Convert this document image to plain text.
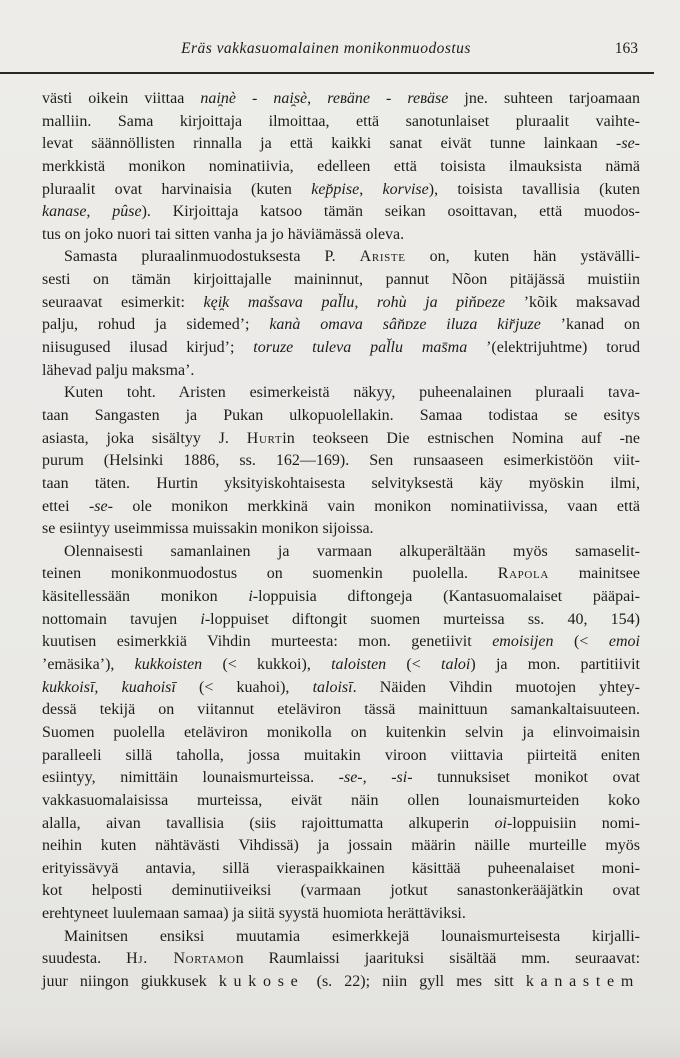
Eräs vakkasuomalainen monikonmuodostus	163
västi oikein viittaa nai̯nè - nai̯sè, reʙäne - reʙäse jne. suhteen tarjoamaan
malliin. Sama kirjoittaja ilmoittaa, että sanotunlaiset pluraalit vaihte-
levat säännöllisten rinnalla ja että kaikki sanat eivät tunne lainkaan -se-
merkkistä monikon nominatiivia, edelleen että toisista ilmauksista nämä
pluraalit ovat harvinaisia (kuten kep̆pise, korvise), toisista tavallisia (kuten
kanase, pûse). Kirjoittaja katsoo tämän seikan osoittavan, että muodos-
tus on joko nuori tai sitten vanha ja jo häviämässä oleva.
Samasta pluraalinmuodostuksesta P. Ariste on, kuten hän ystävälli-
sesti on tämän kirjoittajalle maininnut, pannut Nõon pitäjässä muistiin
seuraavat esimerkit: kęi̯k mašsava pal̆lu, rohù ja piňᴅeze ’kõik maksavad
palju, rohud ja sidemed’; kanà omava sân̆ᴅze iluza kir̆juze ’kanad on
niisugused ilusad kirjud’; toruze tuleva pal̆lu mas̄ma ’(elektrijuhtme) torud
lähevad palju maksma’.
Kuten toht. Aristen esimerkeistä näkyy, puheenalainen pluraali tava-
taan Sangasten ja Pukan ulkopuolellakin. Samaa todistaa se esitys
asiasta, joka sisältyy J. Hurtin teokseen Die estnischen Nomina auf -ne
purum (Helsinki 1886, ss. 162—169). Sen runsaaseen esimerkistöön viit-
taan täten. Hurtin yksityiskohtaisesta selvityksestä käy myöskin ilmi,
ettei -se- ole monikon merkkinä vain monikon nominatiivissa, vaan että
se esiintyy useimmissa muissakin monikon sijoissa.
Olennaisesti samanlainen ja varmaan alkuperältään myös samaselit-
teinen monikonmuodostus on suomenkin puolella. Rapola mainitsee
käsitellessään monikon i-loppuisia diftongeja (Kantasuomalaiset pääpai-
nottomain tavujen i-loppuiset diftongit suomen murteissa ss. 40, 154)
kuutisen esimerkkiä Vihdin murteesta: mon. genetiivit emoisijen (< emoi
’emäsika’), kukkoisten (< kukkoi), taloisten (< taloi) ja mon. partitiivit
kukkoisī, kuahoisī (< kuahoi), taloisī. Näiden Vihdin muotojen yhtey-
dessä tekijä on viitannut eteläviron tässä mainittuun samankaltaisuuteen.
Suomen puolella eteläviron monikolla on kuitenkin selvin ja elinvoimaisin
paralleeli sillä taholla, jossa muitakin viroon viittavia piirteitä eniten
esiintyy, nimittäin lounaismurteissa. -se-, -si- tunnuksiset monikot ovat
vakkasuomalaisissa murteissa, eivät näin ollen lounaismurteiden koko
alalla, aivan tavallisia (siis rajoittumatta alkuperin oi-loppuisiin nomi-
neihin kuten nähtävästi Vihdissä) ja jossain määrin näille murteille myös
erityissävyä antavia, sillä vieraspaikkainen käsittää puheenalaiset moni-
kot helposti deminutiiveiksi (varmaan jotkut sanastonkerääjätkin ovat
erehtyneet luulemaan samaa) ja siitä syystä huomiota herättäviksi.
Mainitsen ensiksi muutamia esimerkkejä lounaismurteisesta kirjalli-
suudesta. Hj. Nortamon Raumlaissi jaarituksi sisältää mm. seuraavat:
juur niingon giukkusek kukose (s. 22); niin gyll mes sitt kanastem
